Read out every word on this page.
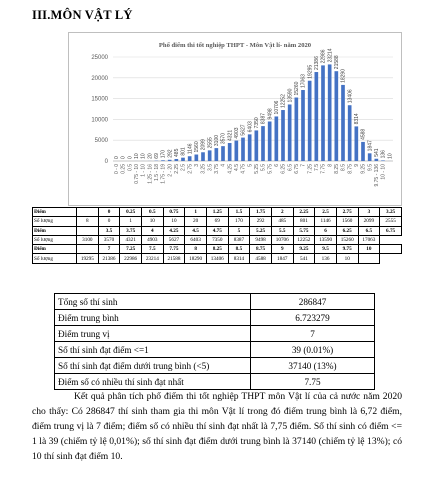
III.MÔN VẬT LÝ
Phổ điểm thi tốt nghiệp THPT - Môn Vật lí- năm 2020
0
5000
10000
15000
20000
25000
0 0 0 10 10 20 69 170 292 485 801 1146 1560 2099 2555 3100 3570 4321 4903 5627 6403 7350 8387 9498 10706 12252 13590 15260
17063
19295
21386 22986 23214 21588
18290
13406
8314
4588
1847
541 136 10
0 - 0 0.25 0.5 0.75 - 10 1 - 10 1.25 - 16 1.5 - 18 1.75 - 19 2 - 20 2.25 2.5 2.75 3 3.25 3.5 3.75 4 4.25 4.5 4.75 5 5.25 5.5 5.75 6 6.25 6.5 6.75 7 7.25 7.5 7.75 8 8.25 8.5 8.75 9 9.25 9.5 9.75 - 136 10 - 10
Điểm		0	0.25	0.5	0.75	1	1.25	1.5	1.75	2	2.25	2.5	2.75	3	3.25
Số lượng	8	0	1	10	10	20	69	170	292	485	801	1146	1560	2099	2555
Điểm		3.5	3.75	4	4.25	4.5	4.75	5	5.25	5.5	5.75	6	6.25	6.5	6.75
Số lượng	3100	3570	4321	4903	5627	6403	7350	8387	9498	10706	12252	13590	15260	17063	
Điểm		7	7.25	7.5	7.75	8	8.25	8.5	8.75	9	9.25	9.5	9.75	10	
Số lượng	19295	21386	22986	23214	21588	18290	13406	8314	4588	1847	541	136	10		
Tổng số thí sinh	286847
Điểm trung bình	6.723279
Điểm trung vị	7
Số thí sinh đạt điểm <=1	39 (0.01%)
Số thí sinh đạt điểm dưới trung bình (<5)	37140 (13%)
Điểm số có nhiều thí sinh đạt nhất	7.75

Kết quả phân tích phổ điểm thi tốt nghiệp THPT môn Vật lí của cả nước năm 2020 cho thấy: Có 286847 thí sinh tham gia thi môn Vật lí trong đó điểm trung bình là 6,72 điểm, điểm trung vị là 7 điểm; điểm số có nhiều thí sinh đạt nhất là 7,75 điểm. Số thí sinh có điểm <= 1 là 39 (chiếm tỷ lệ 0,01%); số thí sinh đạt điểm dưới trung bình là 37140 (chiếm tỷ lệ 13%); có 10 thí sinh đạt điểm 10.
